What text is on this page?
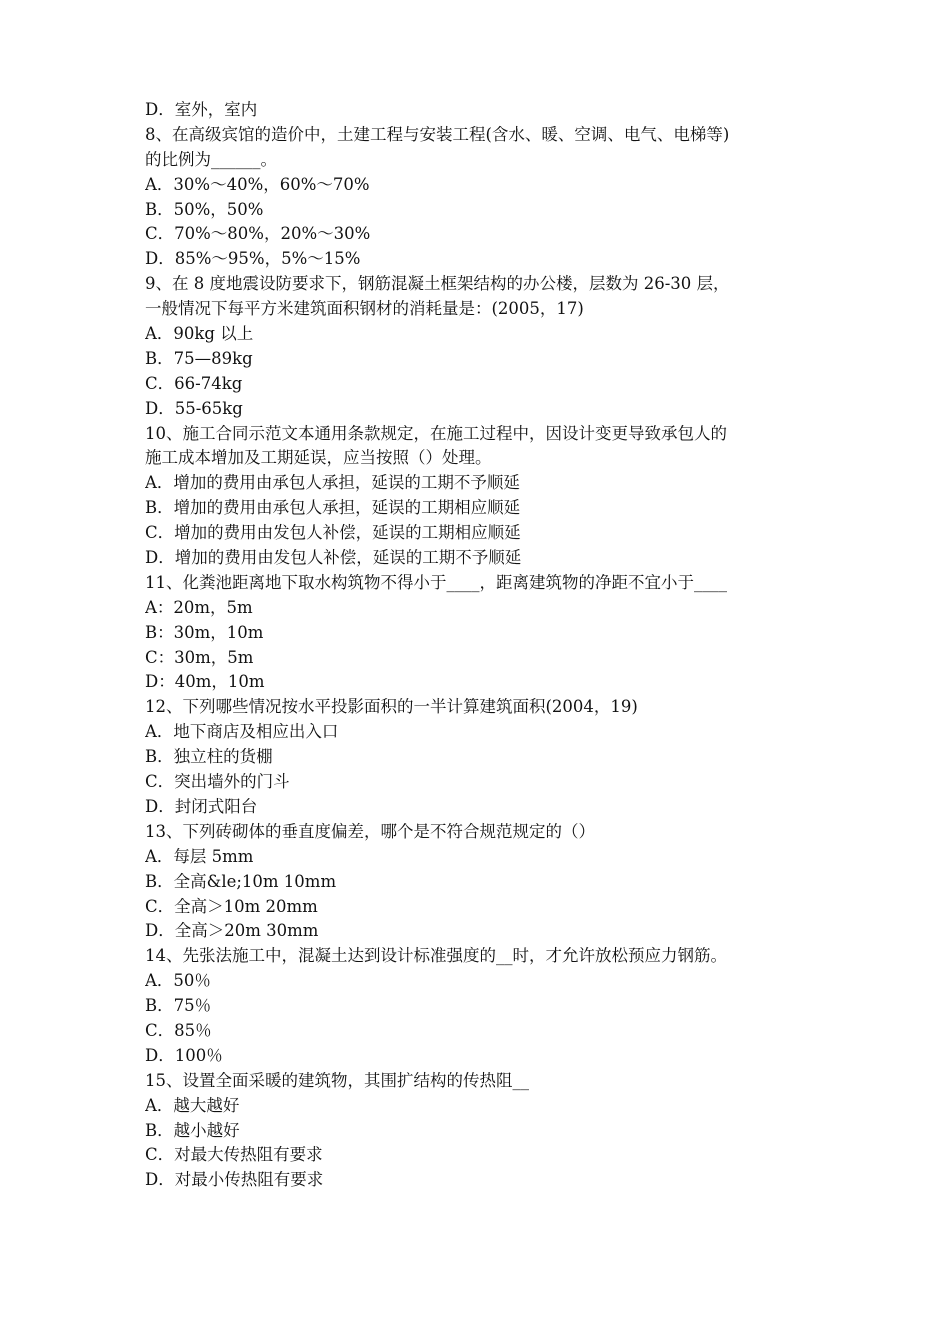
D．室外，室内
8、在高级宾馆的造价中，土建工程与安装工程(含水、暖、空调、电气、电梯等)
的比例为______。
A．30%～40%，60%～70%
B．50%，50%
C．70%～80%，20%～30%
D．85%～95%，5%～15%
9、在 8 度地震设防要求下，钢筋混凝土框架结构的办公楼，层数为 26-30 层，
一般情况下每平方米建筑面积钢材的消耗量是：(2005，17)
A．90kg 以上
B．75—89kg
C．66-74kg
D．55-65kg
10、施工合同示范文本通用条款规定，在施工过程中，因设计变更导致承包人的
施工成本增加及工期延误，应当按照（）处理。
A．增加的费用由承包人承担，延误的工期不予顺延
B．增加的费用由承包人承担，延误的工期相应顺延
C．增加的费用由发包人补偿，延误的工期相应顺延
D．增加的费用由发包人补偿，延误的工期不予顺延
11、化粪池距离地下取水构筑物不得小于____，距离建筑物的净距不宜小于____
A：20m，5m
B：30m，10m
C：30m，5m
D：40m，10m
12、下列哪些情况按水平投影面积的一半计算建筑面积(2004，19)
A．地下商店及相应出入口
B．独立柱的货棚
C．突出墙外的门斗
D．封闭式阳台
13、下列砖砌体的垂直度偏差，哪个是不符合规范规定的（）
A．每层 5mm
B．全高&le;10m 10mm
C．全高＞10m 20mm
D．全高＞20m 30mm
14、先张法施工中，混凝土达到设计标准强度的__时，才允许放松预应力钢筋。
A．50％
B．75％
C．85％
D．100％
15、设置全面采暖的建筑物，其围扩结构的传热阻__
A．越大越好
B．越小越好
C．对最大传热阻有要求
D．对最小传热阻有要求
